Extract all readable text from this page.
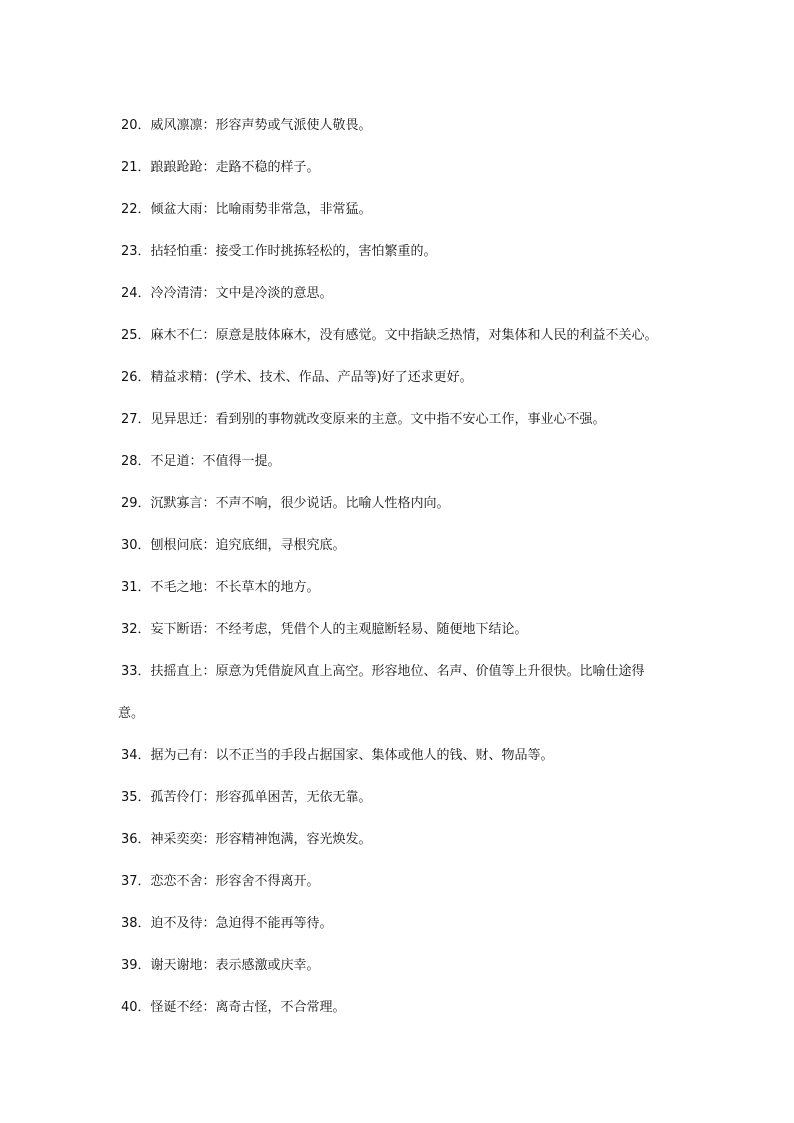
20．威风凛凛：形容声势或气派使人敬畏。
21．踉踉跄跄：走路不稳的样子。
22．倾盆大雨：比喻雨势非常急，非常猛。
23．拈轻怕重：接受工作时挑拣轻松的，害怕繁重的。
24．冷冷清清：文中是冷淡的意思。
25．麻木不仁：原意是肢体麻木，没有感觉。文中指缺乏热情，对集体和人民的利益不关心。
26．精益求精：(学术、技术、作品、产品等)好了还求更好。
27．见异思迁：看到别的事物就改变原来的主意。文中指不安心工作，事业心不强。
28．不足道：不值得一提。
29．沉默寡言：不声不响，很少说话。比喻人性格内向。
30．刨根问底：追究底细，寻根究底。
31．不毛之地：不长草木的地方。
32．妄下断语：不经考虑，凭借个人的主观臆断轻易、随便地下结论。
33．扶摇直上：原意为凭借旋风直上高空。形容地位、名声、价值等上升很快。比喻仕途得
意。
34．据为己有：以不正当的手段占据国家、集体或他人的钱、财、物品等。
35．孤苦伶仃：形容孤单困苦，无依无靠。
36．神采奕奕：形容精神饱满，容光焕发。
37．恋恋不舍：形容舍不得离开。
38．迫不及待：急迫得不能再等待。
39．谢天谢地：表示感激或庆幸。
40．怪诞不经：离奇古怪，不合常理。
